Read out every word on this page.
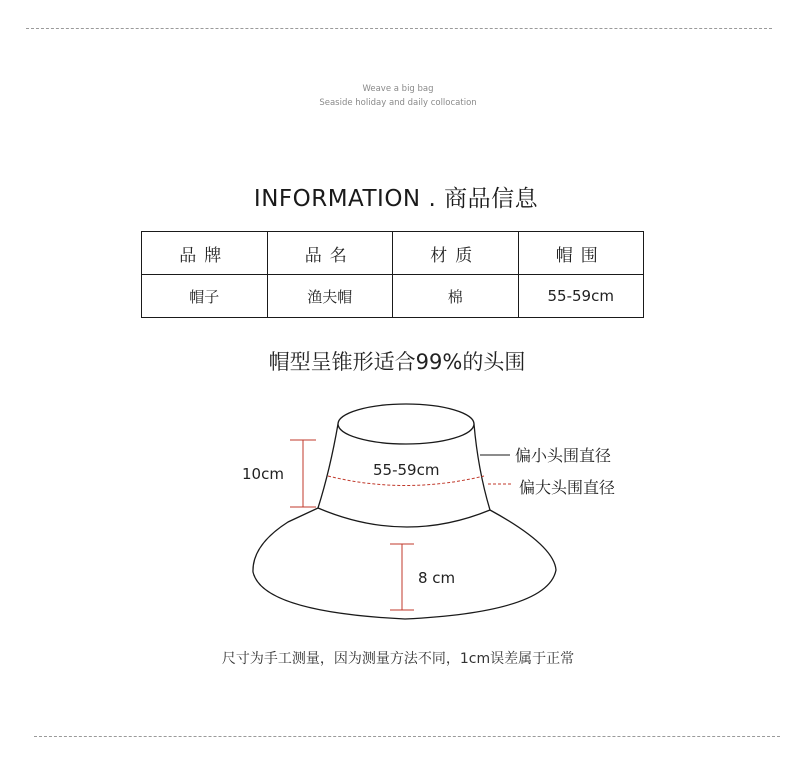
Weave a big bag
Seaside holiday and daily collocation
INFORMATION . 商品信息
品牌	品名	材质	帽围
帽子	渔夫帽	棉	55-59cm
帽型呈锥形适合99%的头围
10cm	55-59cm
8 cm
偏小头围直径
偏大头围直径
尺寸为手工测量，因为测量方法不同，1cm误差属于正常
